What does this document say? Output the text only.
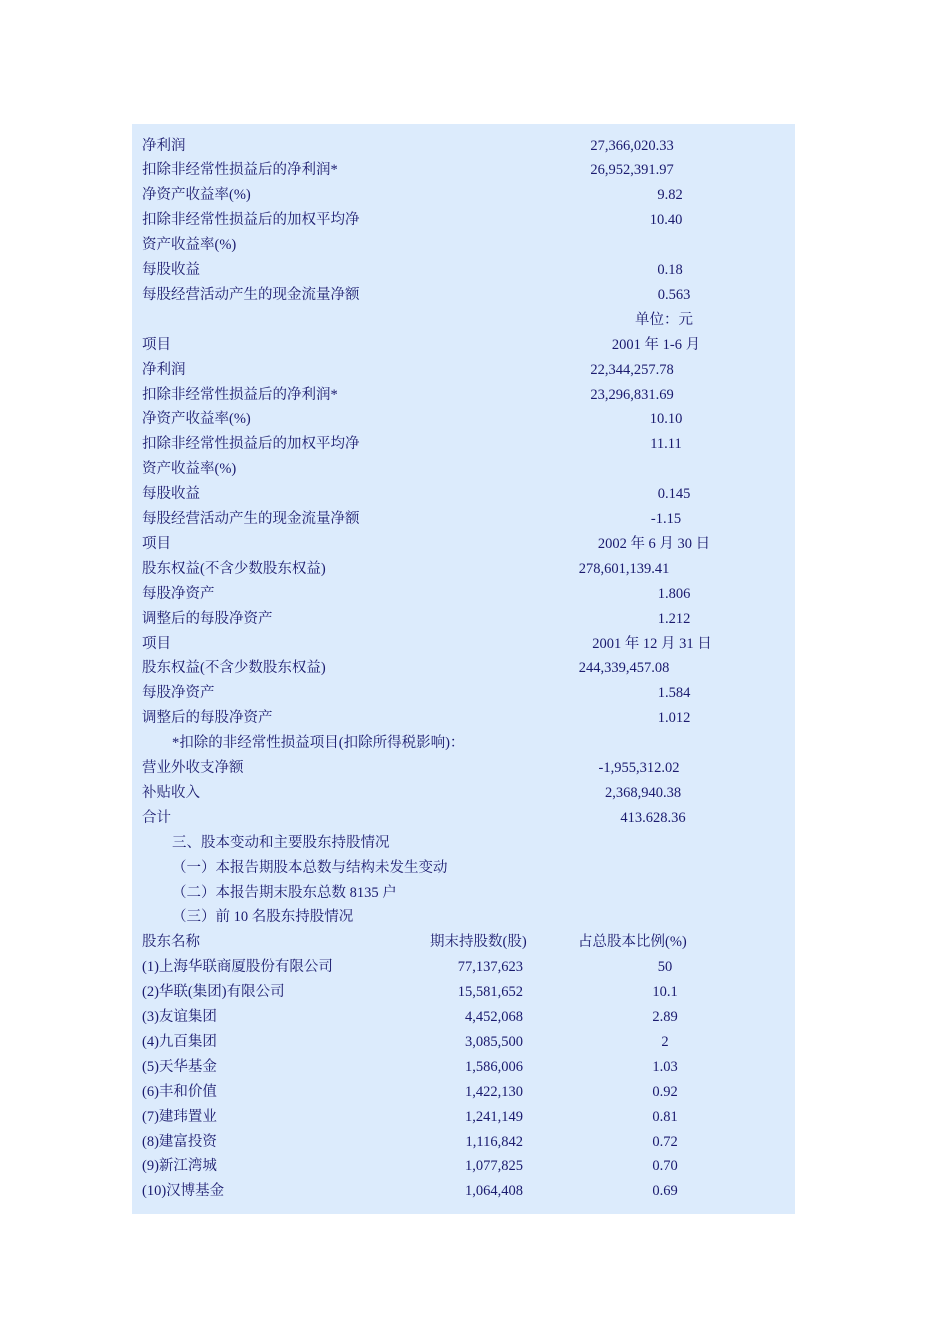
净利润	27,366,020.33
扣除非经常性损益后的净利润*	26,952,391.97
净资产收益率(%)	9.82
扣除非经常性损益后的加权平均净	10.40
资产收益率(%)
每股收益	0.18
每股经营活动产生的现金流量净额	0.563
单位：元
项目	2001 年 1-6 月
净利润	22,344,257.78
扣除非经常性损益后的净利润*	23,296,831.69
净资产收益率(%)	10.10
扣除非经常性损益后的加权平均净	11.11
资产收益率(%)
每股收益	0.145
每股经营活动产生的现金流量净额	-1.15
项目	2002 年 6 月 30 日
股东权益(不含少数股东权益)	278,601,139.41
每股净资产	1.806
调整后的每股净资产	1.212
项目	2001 年 12 月 31 日
股东权益(不含少数股东权益)	244,339,457.08
每股净资产	1.584
调整后的每股净资产	1.012
*扣除的非经常性损益项目(扣除所得税影响)：
营业外收支净额	-1,955,312.02
补贴收入	2,368,940.38
合计	413.628.36
三、股本变动和主要股东持股情况
（一）本报告期股本总数与结构未发生变动
（二）本报告期末股东总数 8135 户
（三）前 10 名股东持股情况
股东名称	期末持股数(股)	占总股本比例(%)
(1)上海华联商厦股份有限公司	77,137,623	50
(2)华联(集团)有限公司	15,581,652	10.1
(3)友谊集团	4,452,068	2.89
(4)九百集团	3,085,500	2
(5)天华基金	1,586,006	1.03
(6)丰和价值	1,422,130	0.92
(7)建玮置业	1,241,149	0.81
(8)建富投资	1,116,842	0.72
(9)新江湾城	1,077,825	0.70
(10)汉博基金	1,064,408	0.69
